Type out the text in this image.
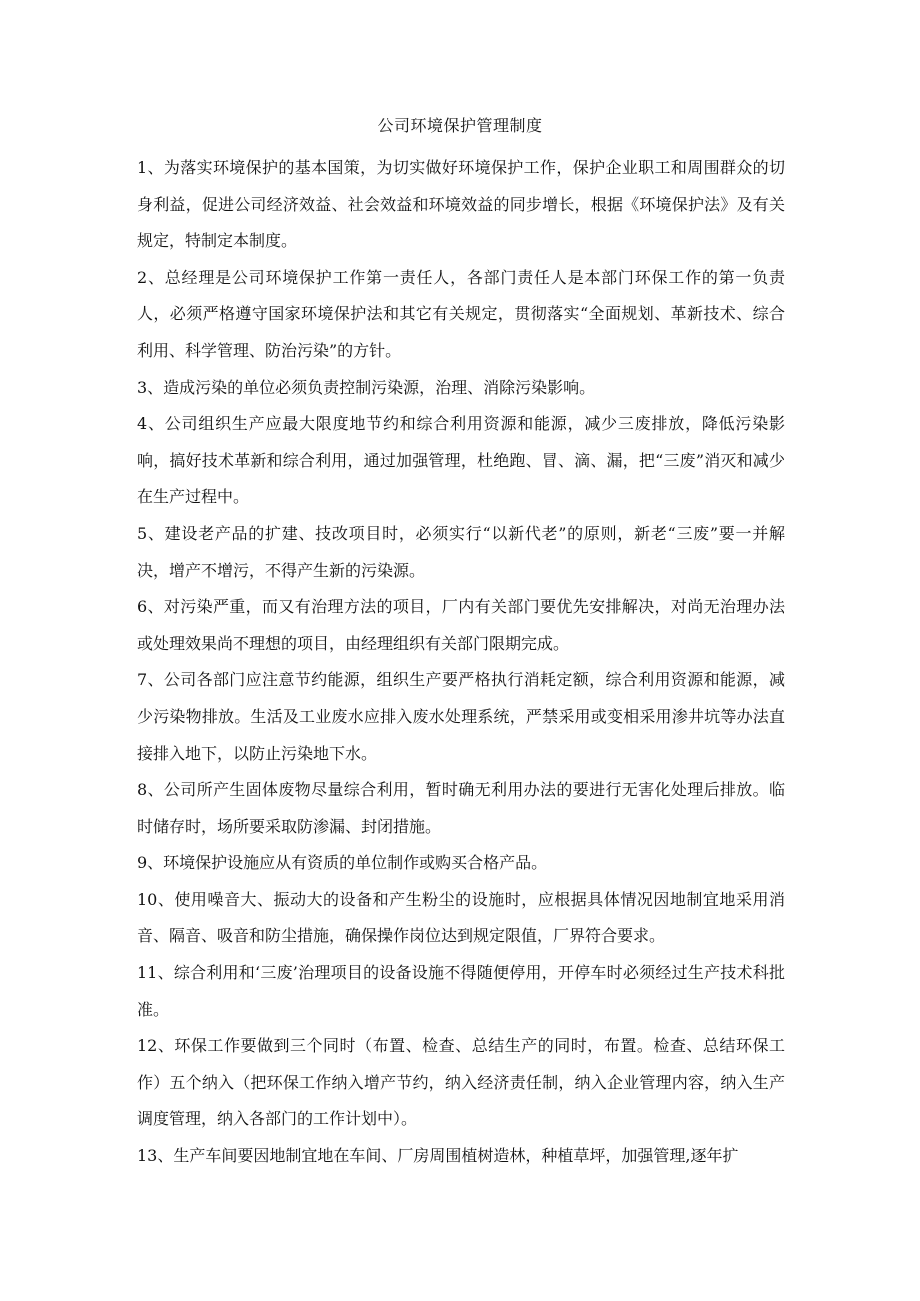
公司环境保护管理制度

1、为落实环境保护的基本国策，为切实做好环境保护工作，保护企业职工和周围群众的切身利益，促进公司经济效益、社会效益和环境效益的同步增长，根据《环境保护法》及有关规定，特制定本制度。

2、总经理是公司环境保护工作第一责任人，各部门责任人是本部门环保工作的第一负责人，必须严格遵守国家环境保护法和其它有关规定，贯彻落实“全面规划、革新技术、综合利用、科学管理、防治污染”的方针。

3、造成污染的单位必须负责控制污染源，治理、消除污染影响。

4、公司组织生产应最大限度地节约和综合利用资源和能源，减少三废排放，降低污染影响，搞好技术革新和综合利用，通过加强管理，杜绝跑、冒、滴、漏，把“三废”消灭和减少在生产过程中。

5、建设老产品的扩建、技改项目时，必须实行“以新代老”的原则，新老“三废”要一并解决，增产不增污，不得产生新的污染源。

6、对污染严重，而又有治理方法的项目，厂内有关部门要优先安排解决，对尚无治理办法或处理效果尚不理想的项目，由经理组织有关部门限期完成。

7、公司各部门应注意节约能源，组织生产要严格执行消耗定额，综合利用资源和能源，减少污染物排放。生活及工业废水应排入废水处理系统，严禁采用或变相采用渗井坑等办法直接排入地下，以防止污染地下水。

8、公司所产生固体废物尽量综合利用，暂时确无利用办法的要进行无害化处理后排放。临时储存时，场所要采取防渗漏、封闭措施。

9、环境保护设施应从有资质的单位制作或购买合格产品。

10、使用噪音大、振动大的设备和产生粉尘的设施时，应根据具体情况因地制宜地采用消音、隔音、吸音和防尘措施，确保操作岗位达到规定限值，厂界符合要求。

11、综合利用和‘三废’治理项目的设备设施不得随便停用，开停车时必须经过生产技术科批准。

12、环保工作要做到三个同时（布置、检查、总结生产的同时，布置。检查、总结环保工作）五个纳入（把环保工作纳入增产节约，纳入经济责任制，纳入企业管理内容，纳入生产调度管理，纳入各部门的工作计划中）。

13、生产车间要因地制宜地在车间、厂房周围植树造林，种植草坪，加强管理,逐年扩
